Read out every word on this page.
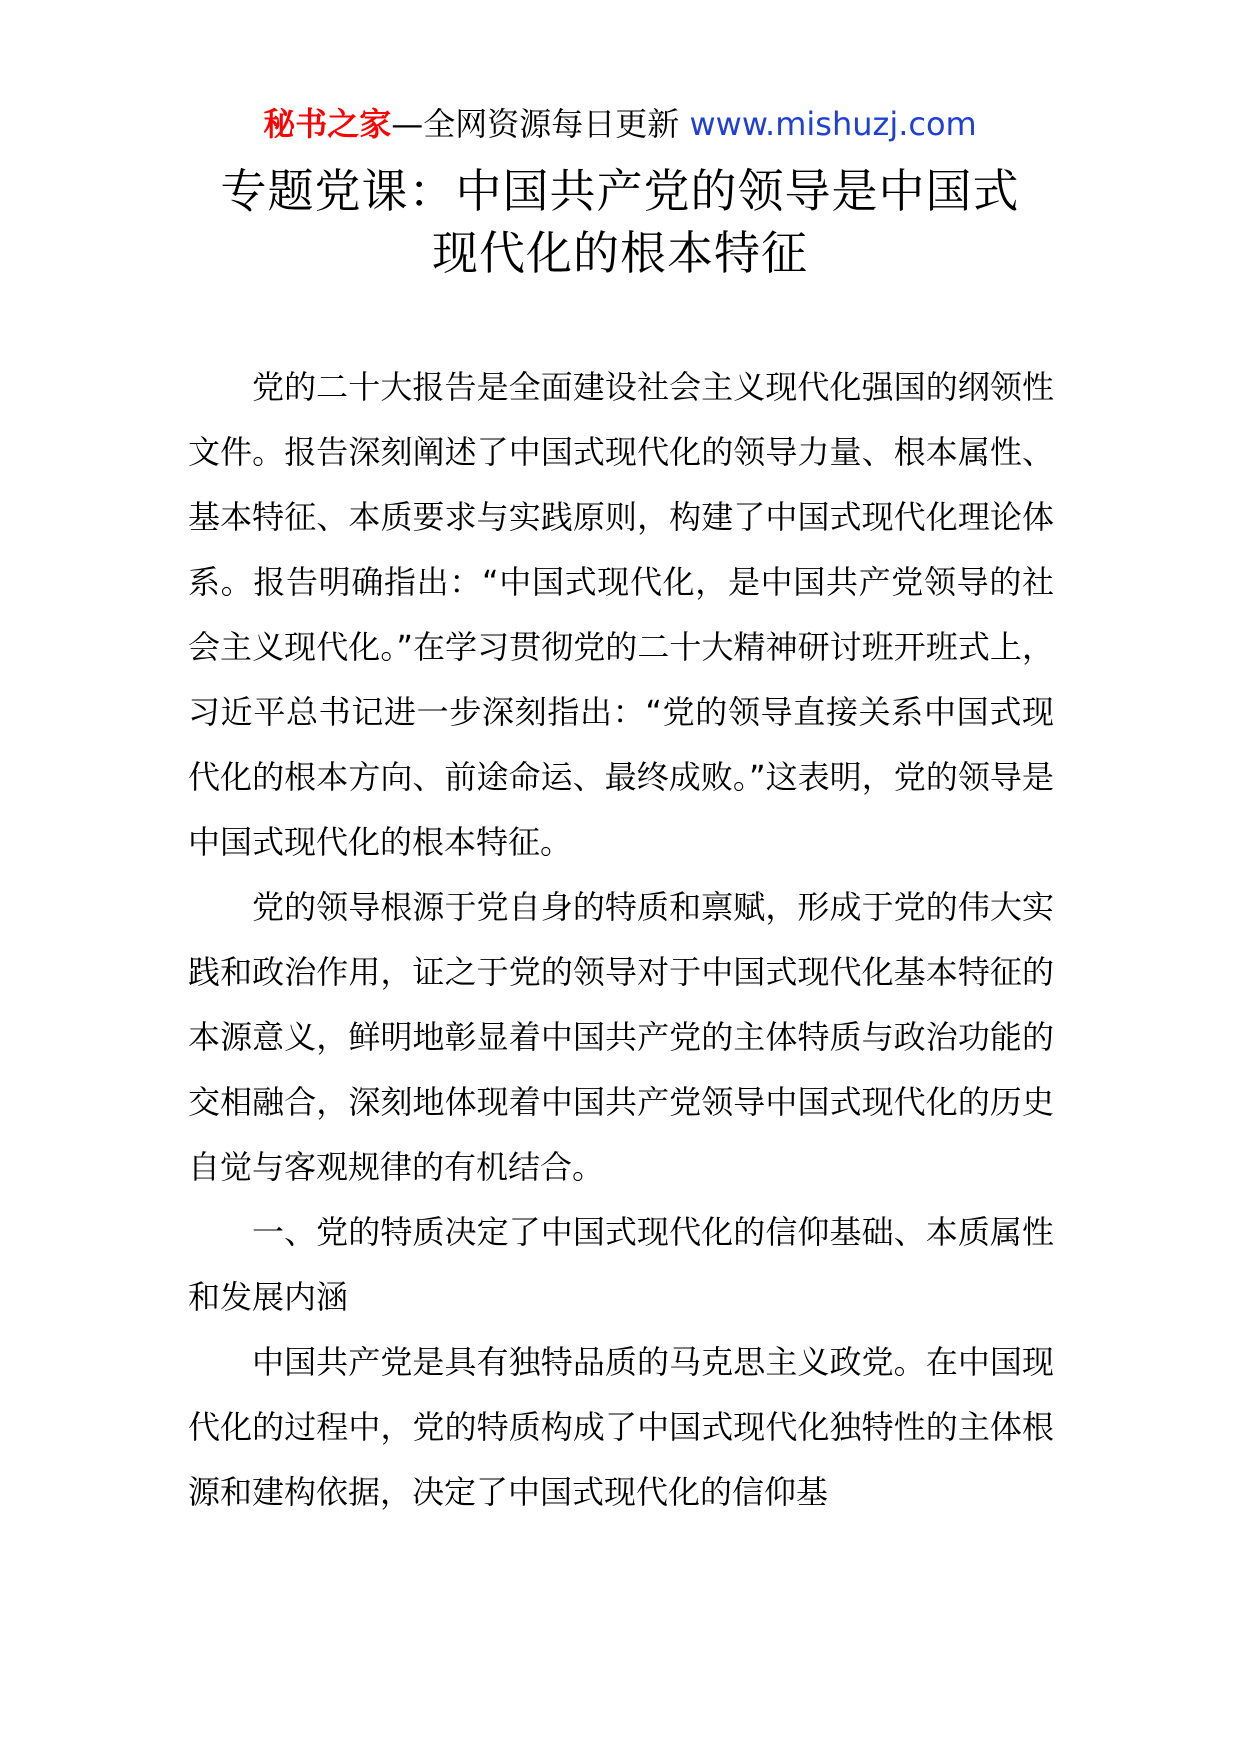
秘书之家—全网资源每日更新 www.mishuzj.com
专题党课：中国共产党的领导是中国式
现代化的根本特征

党的二十大报告是全面建设社会主义现代化强国的纲领性文件。报告深刻阐述了中国式现代化的领导力量、根本属性、基本特征、本质要求与实践原则，构建了中国式现代化理论体系。报告明确指出：“中国式现代化，是中国共产党领导的社会主义现代化。”在学习贯彻党的二十大精神研讨班开班式上，习近平总书记进一步深刻指出：“党的领导直接关系中国式现代化的根本方向、前途命运、最终成败。”这表明，党的领导是中国式现代化的根本特征。

党的领导根源于党自身的特质和禀赋，形成于党的伟大实践和政治作用，证之于党的领导对于中国式现代化基本特征的本源意义，鲜明地彰显着中国共产党的主体特质与政治功能的交相融合，深刻地体现着中国共产党领导中国式现代化的历史自觉与客观规律的有机结合。

一、党的特质决定了中国式现代化的信仰基础、本质属性和发展内涵

中国共产党是具有独特品质的马克思主义政党。在中国现代化的过程中，党的特质构成了中国式现代化独特性的主体根源和建构依据，决定了中国式现代化的信仰基
